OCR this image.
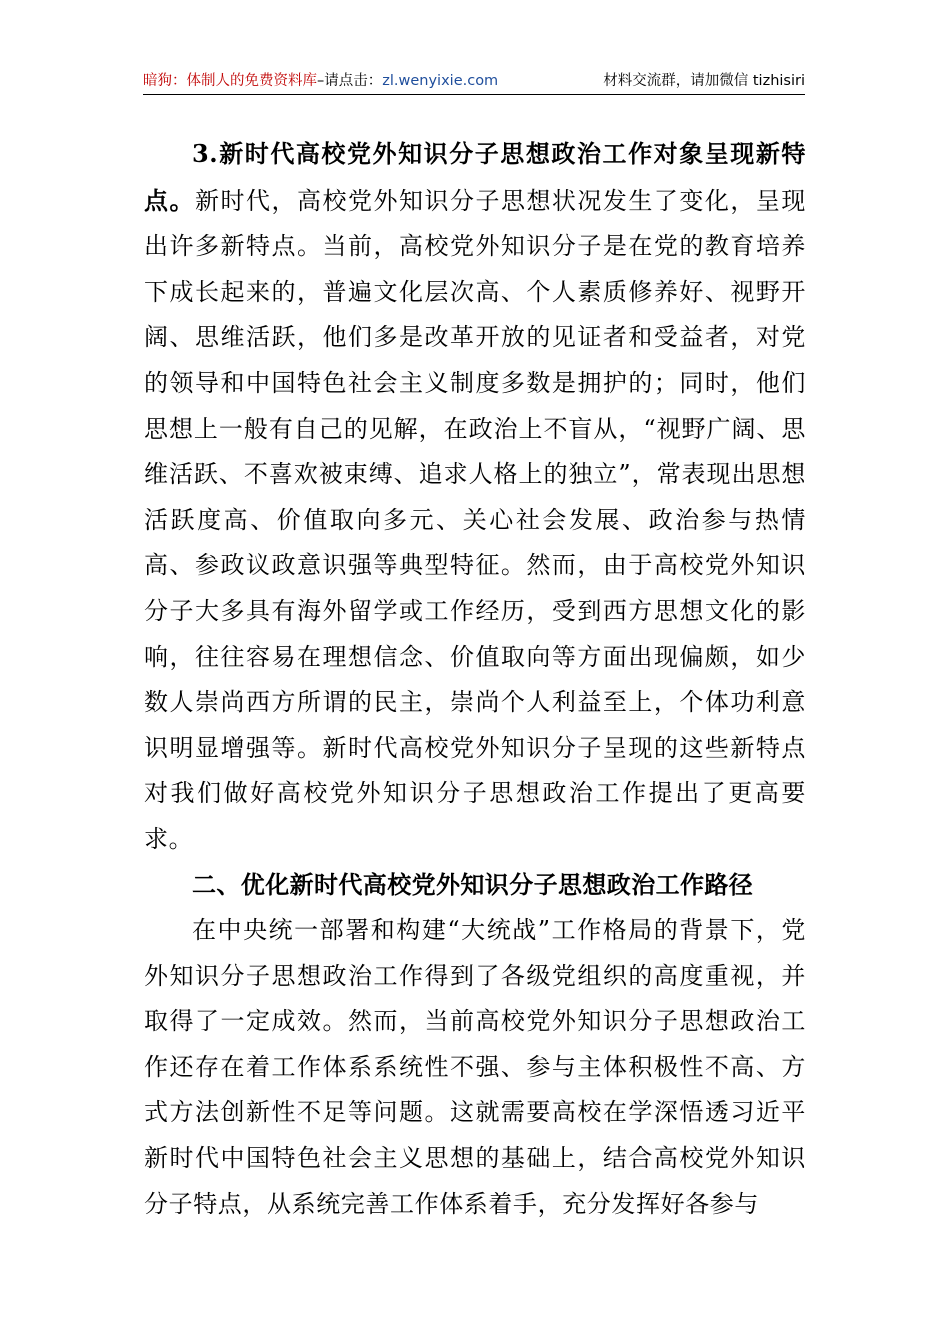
暗狗：体制人的免费资料库–请点击：zl.wenyixie.com	材料交流群，请加微信 tizhisiri

3.新时代高校党外知识分子思想政治工作对象呈现新特点。新时代，高校党外知识分子思想状况发生了变化，呈现出许多新特点。当前，高校党外知识分子是在党的教育培养下成长起来的，普遍文化层次高、个人素质修养好、视野开阔、思维活跃，他们多是改革开放的见证者和受益者，对党的领导和中国特色社会主义制度多数是拥护的；同时，他们思想上一般有自己的见解，在政治上不盲从，“视野广阔、思维活跃、不喜欢被束缚、追求人格上的独立”，常表现出思想活跃度高、价值取向多元、关心社会发展、政治参与热情高、参政议政意识强等典型特征。然而，由于高校党外知识分子大多具有海外留学或工作经历，受到西方思想文化的影响，往往容易在理想信念、价值取向等方面出现偏颇，如少数人崇尚西方所谓的民主，崇尚个人利益至上，个体功利意识明显增强等。新时代高校党外知识分子呈现的这些新特点对我们做好高校党外知识分子思想政治工作提出了更高要求。

二、优化新时代高校党外知识分子思想政治工作路径

在中央统一部署和构建“大统战”工作格局的背景下，党外知识分子思想政治工作得到了各级党组织的高度重视，并取得了一定成效。然而，当前高校党外知识分子思想政治工作还存在着工作体系系统性不强、参与主体积极性不高、方式方法创新性不足等问题。这就需要高校在学深悟透习近平新时代中国特色社会主义思想的基础上，结合高校党外知识分子特点，从系统完善工作体系着手，充分发挥好各参与
